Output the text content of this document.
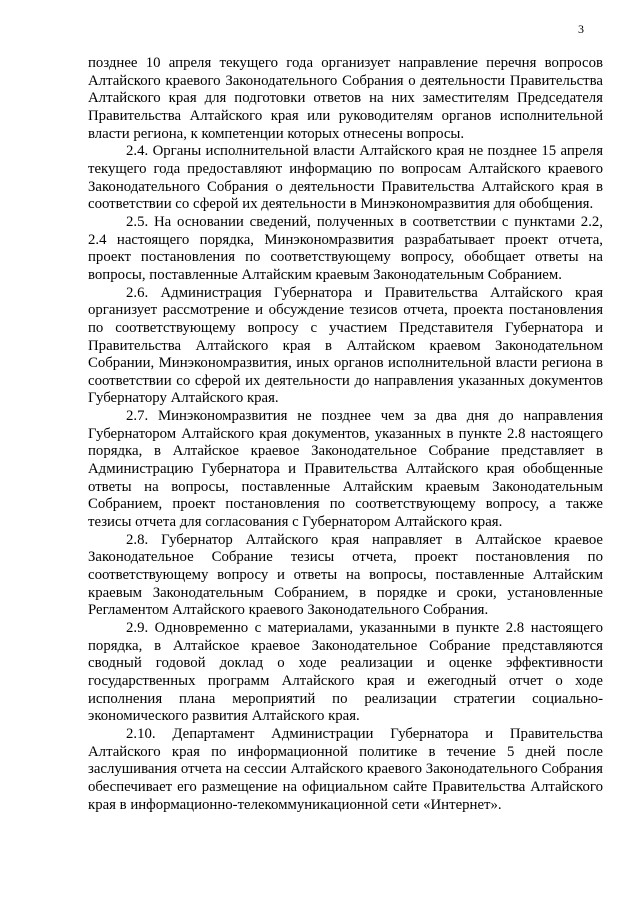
3

позднее 10 апреля текущего года организует направление перечня вопросов Алтайского краевого Законодательного Собрания о деятельности Правительства Алтайского края для подготовки ответов на них заместителям Председателя Правительства Алтайского края или руководителям органов исполнительной власти региона, к компетенции которых отнесены вопросы.

2.4. Органы исполнительной власти Алтайского края не позднее 15 апреля текущего года предоставляют информацию по вопросам Алтайского краевого Законодательного Собрания о деятельности Правительства Алтайского края в соответствии со сферой их деятельности в Минэкономразвития для обобщения.

2.5. На основании сведений, полученных в соответствии с пунктами 2.2, 2.4 настоящего порядка, Минэкономразвития разрабатывает проект отчета, проект постановления по соответствующему вопросу, обобщает ответы на вопросы, поставленные Алтайским краевым Законодательным Собранием.

2.6. Администрация Губернатора и Правительства Алтайского края организует рассмотрение и обсуждение тезисов отчета, проекта постановления по соответствующему вопросу с участием Представителя Губернатора и Правительства Алтайского края в Алтайском краевом Законодательном Собрании, Минэкономразвития, иных органов исполнительной власти региона в соответствии со сферой их деятельности до направления указанных документов Губернатору Алтайского края.

2.7. Минэкономразвития не позднее чем за два дня до направления Губернатором Алтайского края документов, указанных в пункте 2.8 настоящего порядка, в Алтайское краевое Законодательное Собрание представляет в Администрацию Губернатора и Правительства Алтайского края обобщенные ответы на вопросы, поставленные Алтайским краевым Законодательным Собранием, проект постановления по соответствующему вопросу, а также тезисы отчета для согласования с Губернатором Алтайского края.

2.8. Губернатор Алтайского края направляет в Алтайское краевое Законодательное Собрание тезисы отчета, проект постановления по соответствующему вопросу и ответы на вопросы, поставленные Алтайским краевым Законодательным Собранием, в порядке и сроки, установленные Регламентом Алтайского краевого Законодательного Собрания.

2.9. Одновременно с материалами, указанными в пункте 2.8 настоящего порядка, в Алтайское краевое Законодательное Собрание представляются сводный годовой доклад о ходе реализации и оценке эффективности государственных программ Алтайского края и ежегодный отчет о ходе исполнения плана мероприятий по реализации стратегии социально-экономического развития Алтайского края.

2.10. Департамент Администрации Губернатора и Правительства Алтайского края по информационной политике в течение 5 дней после заслушивания отчета на сессии Алтайского краевого Законодательного Собрания обеспечивает его размещение на официальном сайте Правительства Алтайского края в информационно-телекоммуникационной сети «Интернет».
